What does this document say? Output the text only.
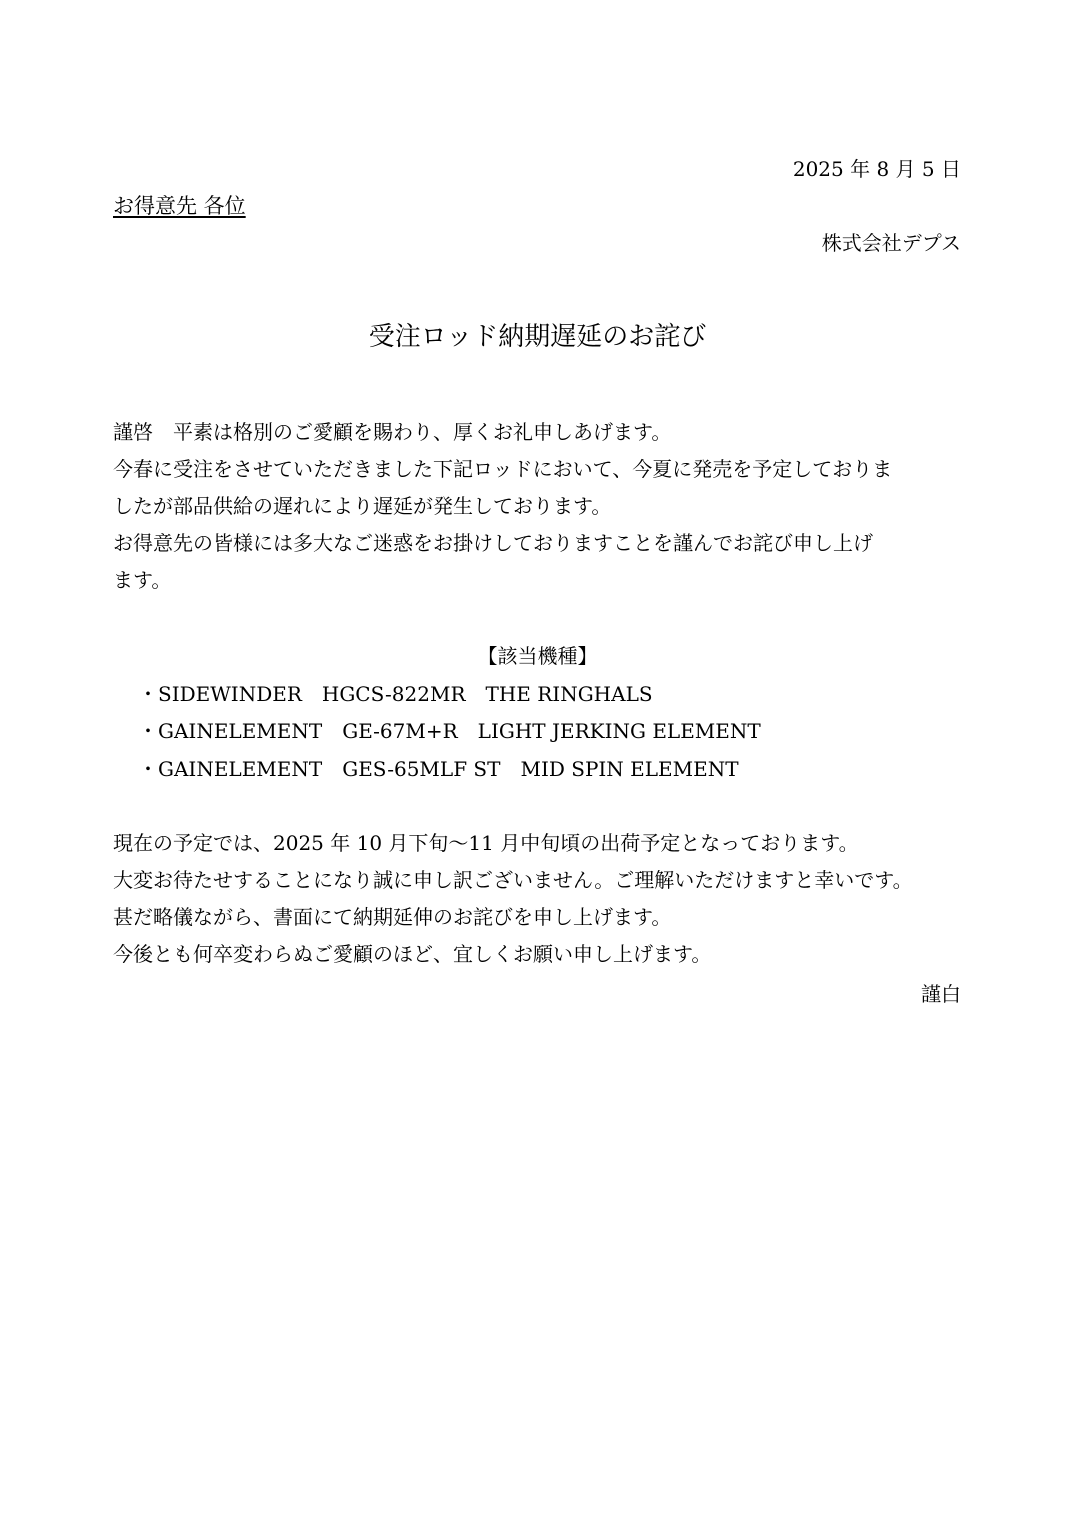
2025 年 8 月 5 日
お得意先 各位
株式会社デプス
受注ロッド納期遅延のお詫び
謹啓　平素は格別のご愛顧を賜わり、厚くお礼申しあげます。
今春に受注をさせていただきました下記ロッドにおいて、今夏に発売を予定しておりま
したが部品供給の遅れにより遅延が発生しております。
お得意先の皆様には多大なご迷惑をお掛けしておりますことを謹んでお詫び申し上げ
ます。
【該当機種】
・SIDEWINDER　HGCS-822MR　THE RINGHALS
・GAINELEMENT　GE-67M+R　LIGHT JERKING ELEMENT
・GAINELEMENT　GES-65MLF ST　MID SPIN ELEMENT
現在の予定では、2025 年 10 月下旬～11 月中旬頃の出荷予定となっております。
大変お待たせすることになり誠に申し訳ございません。ご理解いただけますと幸いです。
甚だ略儀ながら、書面にて納期延伸のお詫びを申し上げます。
今後とも何卒変わらぬご愛顧のほど、宜しくお願い申し上げます。
謹白
